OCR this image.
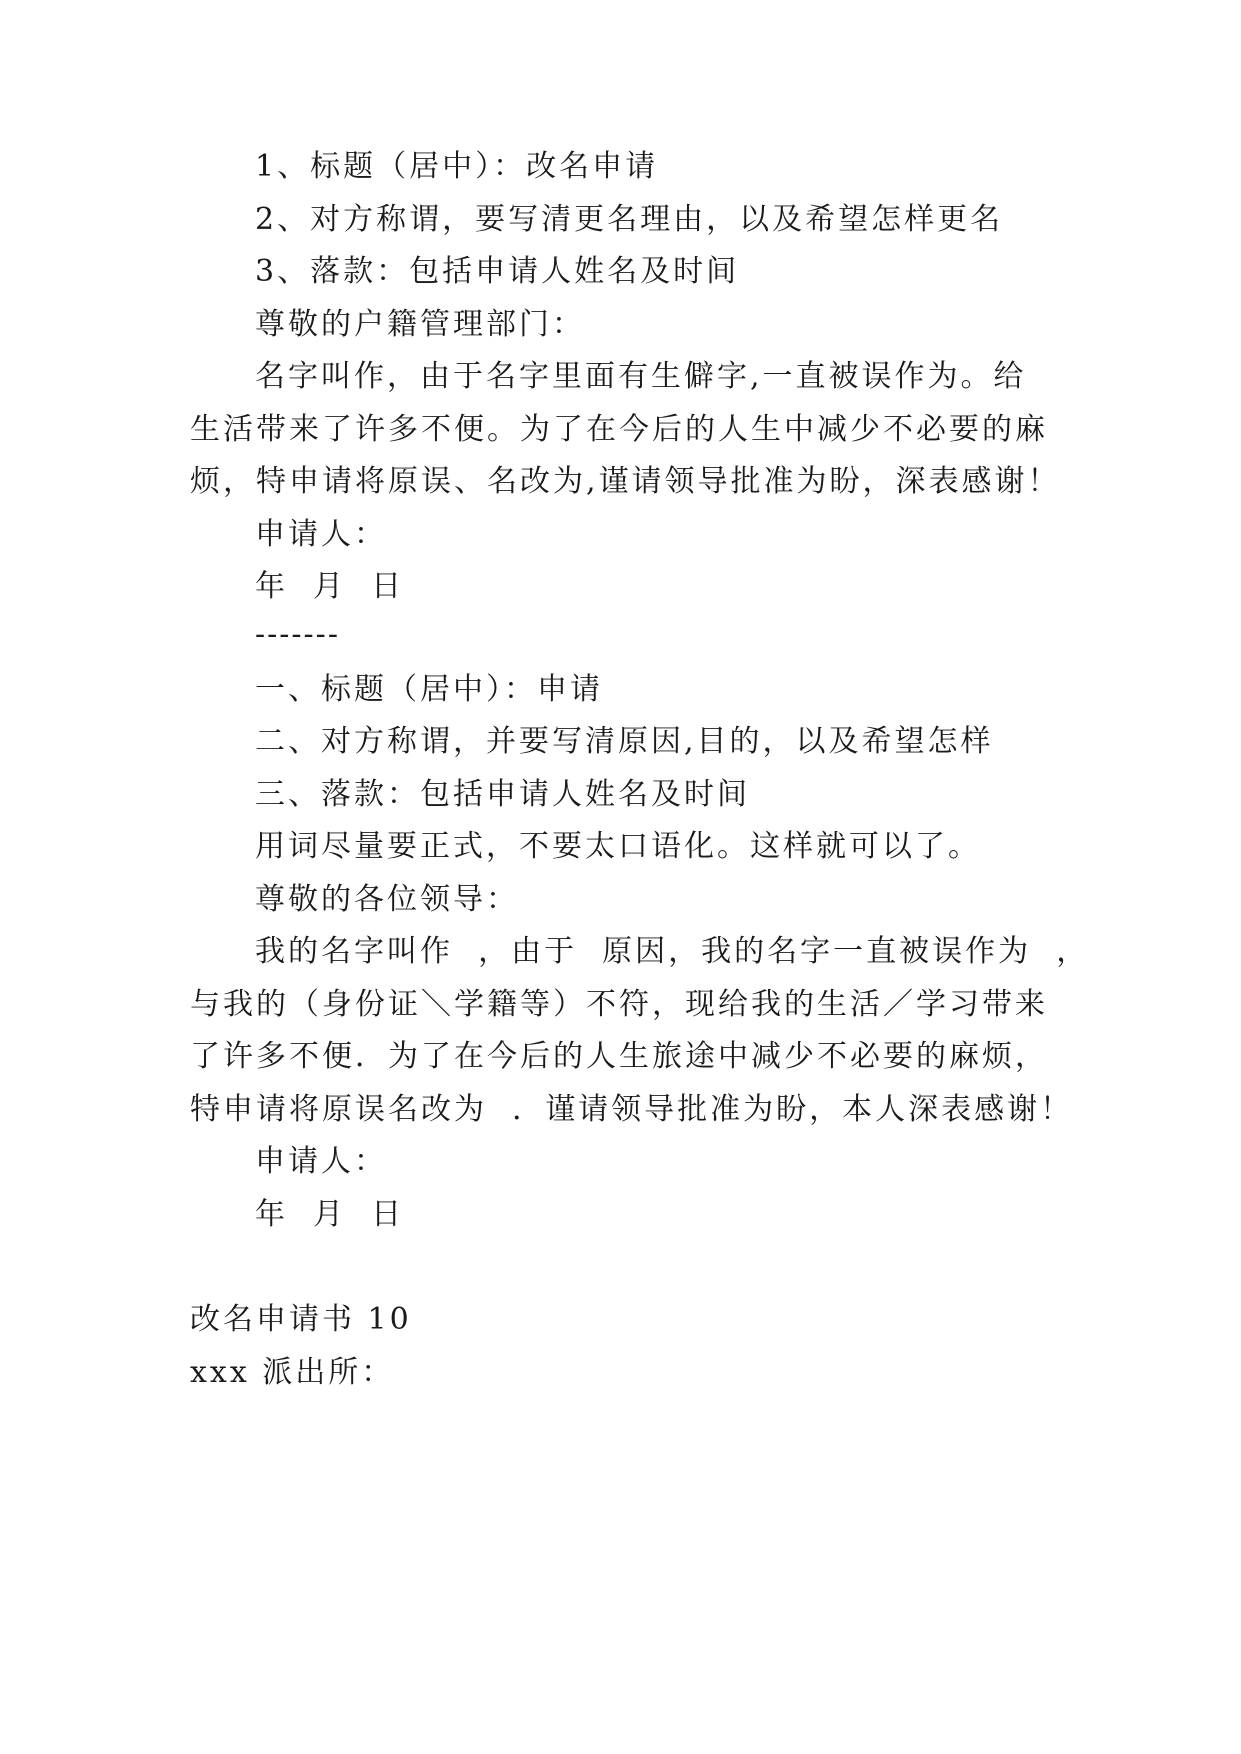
1、标题（居中）：改名申请

2、对方称谓，要写清更名理由，以及希望怎样更名

3、落款：包括申请人姓名及时间

尊敬的户籍管理部门：

名字叫作，由于名字里面有生僻字,一直被误作为。给

生活带来了许多不便。为了在今后的人生中减少不必要的麻

烦，特申请将原误、名改为,谨请领导批准为盼，深表感谢！

申请人：

年  月  日

-------

一、标题（居中）：申请

二、对方称谓，并要写清原因,目的，以及希望怎样

三、落款：包括申请人姓名及时间

用词尽量要正式，不要太口语化。这样就可以了。

尊敬的各位领导：

我的名字叫作  ，由于  原因，我的名字一直被误作为  ，

与我的（身份证＼学籍等）不符，现给我的生活／学习带来

了许多不便．为了在今后的人生旅途中减少不必要的麻烦，

特申请将原误名改为  ．谨请领导批准为盼，本人深表感谢！

申请人：

年  月  日

改名申请书 10

xxx 派出所：
